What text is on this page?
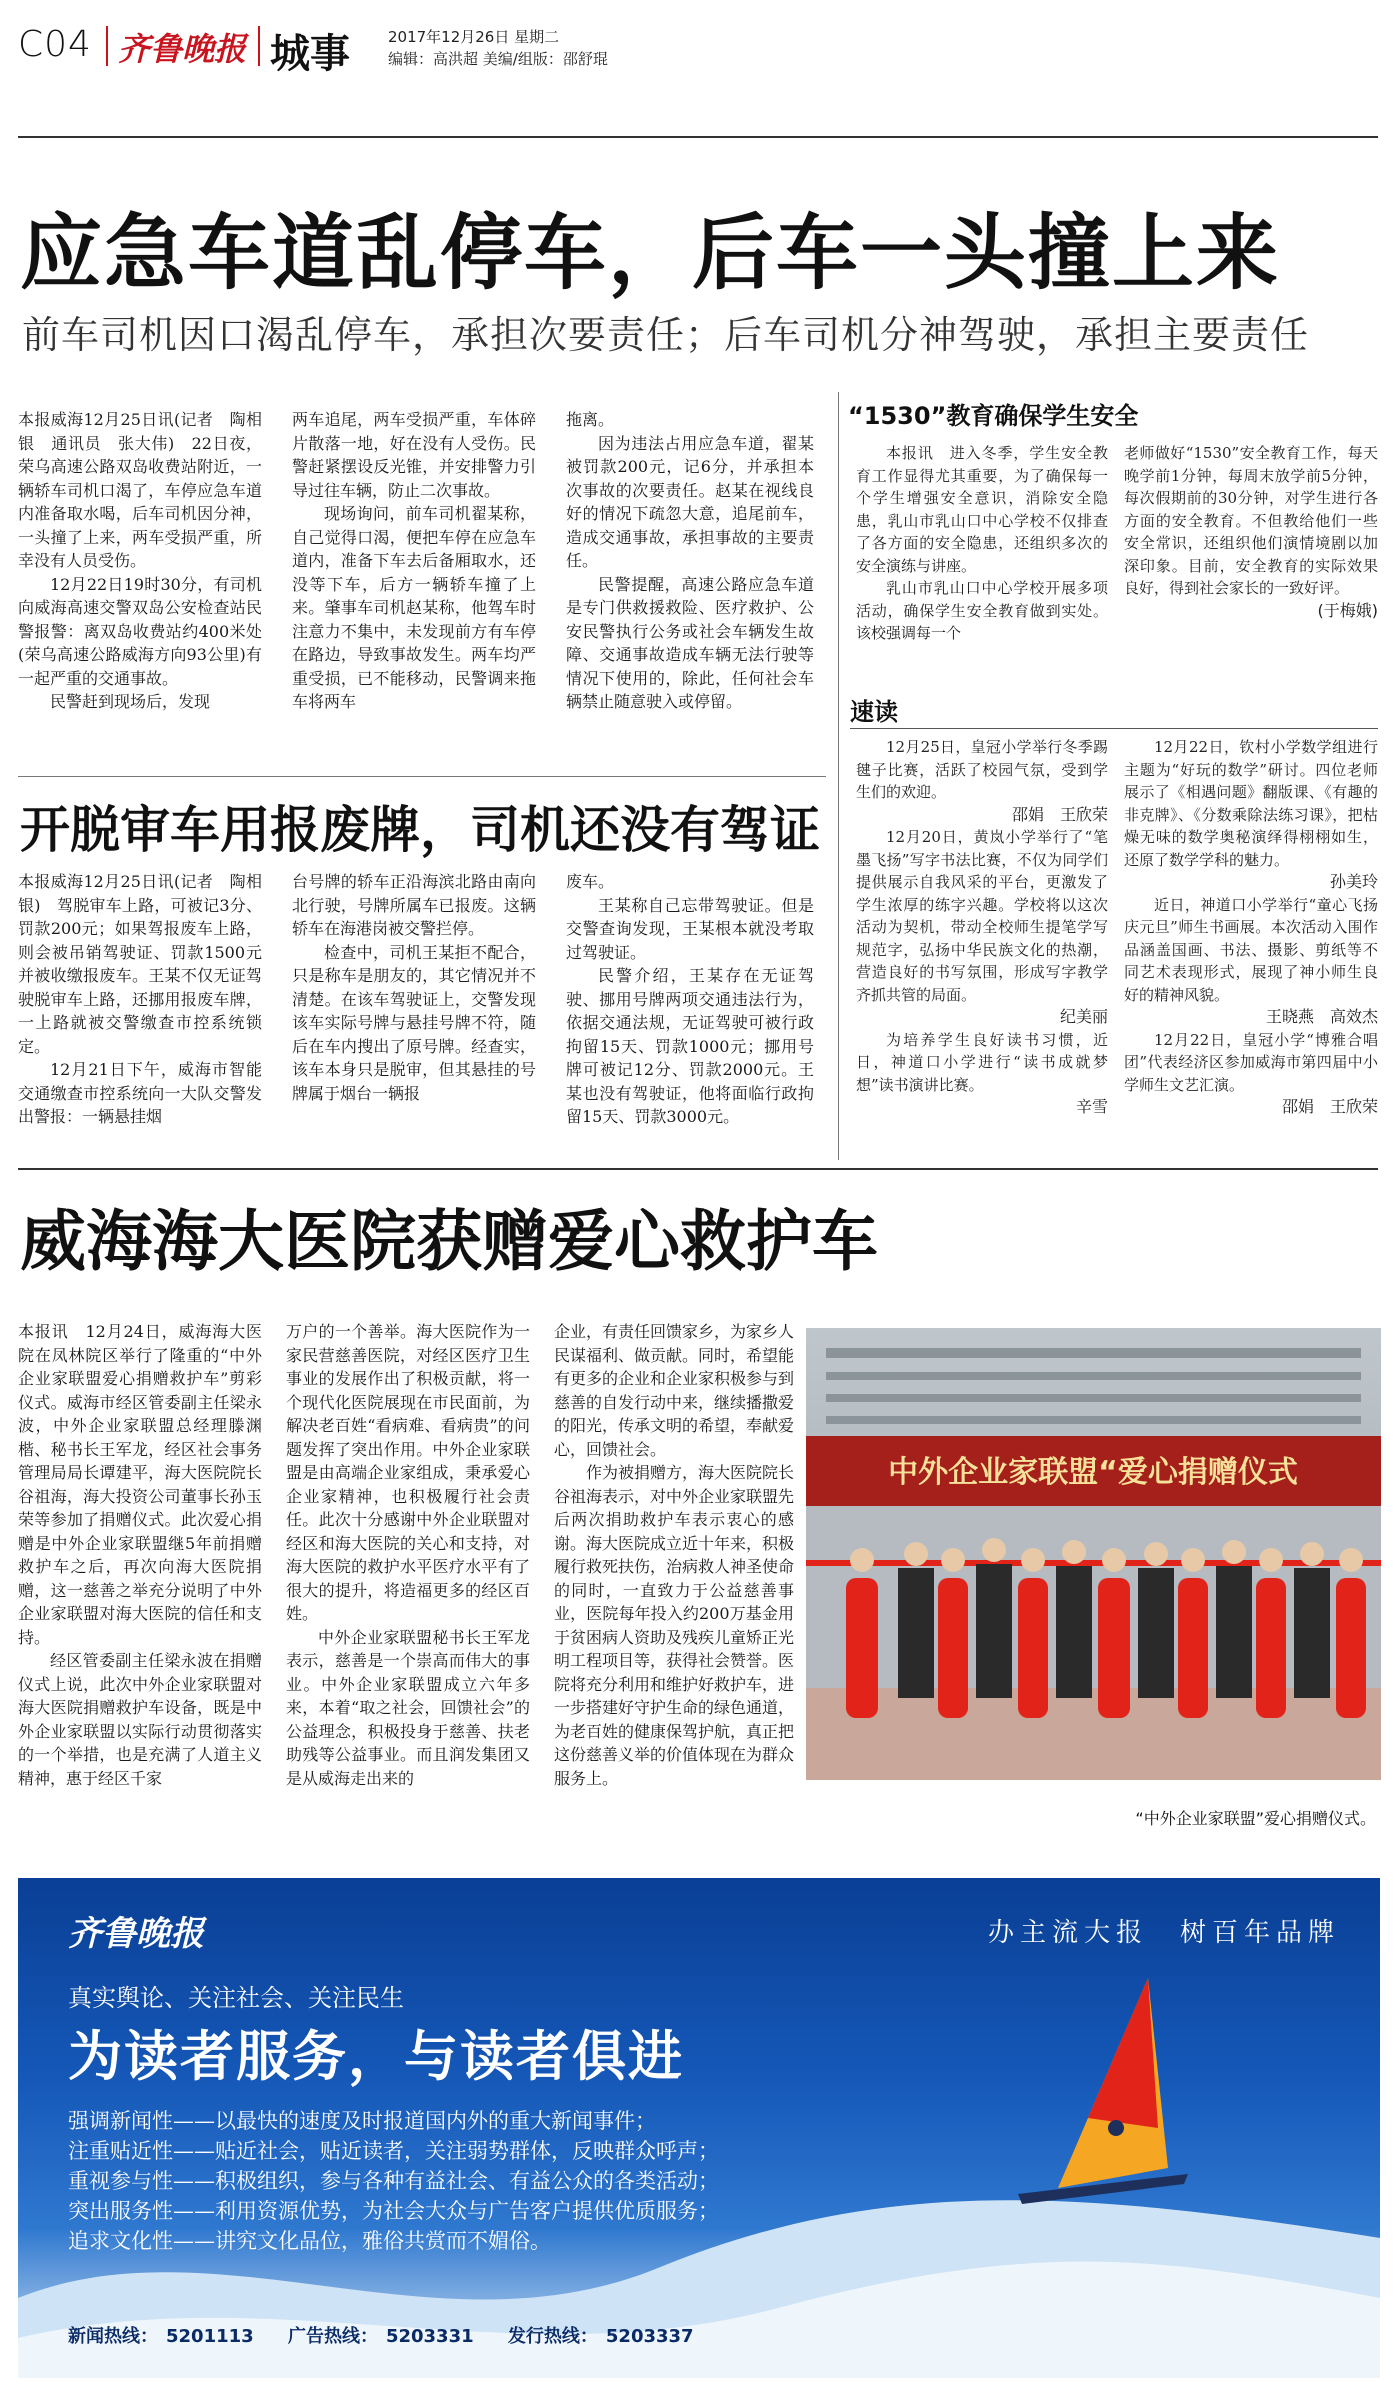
C04 齐鲁晚报 城事	2017年12月26日 星期二
编辑：高洪超 美编/组版：邵舒琨
应急车道乱停车，后车一头撞上来
前车司机因口渴乱停车，承担次要责任；后车司机分神驾驶，承担主要责任

本报威海12月25日讯(记者　陶相银　通讯员　张大伟)　22日夜，荣乌高速公路双岛收费站附近，一辆轿车司机口渴了，车停应急车道内准备取水喝，后车司机因分神，一头撞了上来，两车受损严重，所幸没有人员受伤。

12月22日19时30分，有司机向威海高速交警双岛公安检查站民警报警：离双岛收费站约400米处(荣乌高速公路威海方向93公里)有一起严重的交通事故。

民警赶到现场后，发现

两车追尾，两车受损严重，车体碎片散落一地，好在没有人受伤。民警赶紧摆设反光锥，并安排警力引导过往车辆，防止二次事故。

现场询问，前车司机翟某称，自己觉得口渴，便把车停在应急车道内，准备下车去后备厢取水，还没等下车，后方一辆轿车撞了上来。肇事车司机赵某称，他驾车时注意力不集中，未发现前方有车停在路边，导致事故发生。两车均严重受损，已不能移动，民警调来拖车将两车

拖离。

因为违法占用应急车道，翟某被罚款200元，记6分，并承担本次事故的次要责任。赵某在视线良好的情况下疏忽大意，追尾前车，造成交通事故，承担事故的主要责任。

民警提醒，高速公路应急车道是专门供救援救险、医疗救护、公安民警执行公务或社会车辆发生故障、交通事故造成车辆无法行驶等情况下使用的，除此，任何社会车辆禁止随意驶入或停留。

“1530”教育确保学生安全

本报讯　进入冬季，学生安全教育工作显得尤其重要，为了确保每一个学生增强安全意识，消除安全隐患，乳山市乳山口中心学校不仅排查了各方面的安全隐患，还组织多次的安全演练与讲座。

乳山市乳山口中心学校开展多项活动，确保学生安全教育做到实处。该校强调每一个

老师做好“1530”安全教育工作，每天晚学前1分钟，每周末放学前5分钟，每次假期前的30分钟，对学生进行各方面的安全教育。不但教给他们一些安全常识，还组织他们演情境剧以加深印象。目前，安全教育的实际效果良好，得到社会家长的一致好评。

(于梅娥)
速读

12月25日，皇冠小学举行冬季踢毽子比赛，活跃了校园气氛，受到学生们的欢迎。

邵娟　王欣荣

12月20日，黄岚小学举行了“笔墨飞扬”写字书法比赛，不仅为同学们提供展示自我风采的平台，更激发了学生浓厚的练字兴趣。学校将以这次活动为契机，带动全校师生提笔学写规范字，弘扬中华民族文化的热潮，营造良好的书写氛围，形成写字教学齐抓共管的局面。

纪美丽

为培养学生良好读书习惯，近日，神道口小学进行“读书成就梦想”读书演讲比赛。

辛雪

12月22日，钦村小学数学组进行主题为“好玩的数学”研讨。四位老师展示了《相遇问题》翻版课、《有趣的非克牌》、《分数乘除法练习课》，把枯燥无味的数学奥秘演绎得栩栩如生，还原了数学学科的魅力。

孙美玲

近日，神道口小学举行“童心飞扬庆元旦”师生书画展。本次活动入围作品涵盖国画、书法、摄影、剪纸等不同艺术表现形式，展现了神小师生良好的精神风貌。

王晓燕　高效杰

12月22日，皇冠小学“博雅合唱团”代表经济区参加威海市第四届中小学师生文艺汇演。

邵娟　王欣荣
开脱审车用报废牌，司机还没有驾证

本报威海12月25日讯(记者　陶相银)　驾脱审车上路，可被记3分、罚款200元；如果驾报废车上路，则会被吊销驾驶证、罚款1500元并被收缴报废车。王某不仅无证驾驶脱审车上路，还挪用报废车牌，一上路就被交警缴查市控系统锁定。

12月21日下午，威海市智能交通缴查市控系统向一大队交警发出警报：一辆悬挂烟

台号牌的轿车正沿海滨北路由南向北行驶，号牌所属车已报废。这辆轿车在海港岗被交警拦停。

检查中，司机王某拒不配合，只是称车是朋友的，其它情况并不清楚。在该车驾驶证上，交警发现该车实际号牌与悬挂号牌不符，随后在车内搜出了原号牌。经查实，该车本身只是脱审，但其悬挂的号牌属于烟台一辆报

废车。

王某称自己忘带驾驶证。但是交警查询发现，王某根本就没考取过驾驶证。

民警介绍，王某存在无证驾驶、挪用号牌两项交通违法行为，依据交通法规，无证驾驶可被行政拘留15天、罚款1000元；挪用号牌可被记12分、罚款2000元。王某也没有驾驶证，他将面临行政拘留15天、罚款3000元。

威海海大医院获赠爱心救护车

本报讯　12月24日，威海海大医院在凤林院区举行了隆重的“中外企业家联盟爱心捐赠救护车”剪彩仪式。威海市经区管委副主任梁永波，中外企业家联盟总经理滕渊楷、秘书长王军龙，经区社会事务管理局局长谭建平，海大医院院长谷祖海，海大投资公司董事长孙玉荣等参加了捐赠仪式。此次爱心捐赠是中外企业家联盟继5年前捐赠救护车之后，再次向海大医院捐赠，这一慈善之举充分说明了中外企业家联盟对海大医院的信任和支持。

经区管委副主任梁永波在捐赠仪式上说，此次中外企业家联盟对海大医院捐赠救护车设备，既是中外企业家联盟以实际行动贯彻落实的一个举措，也是充满了人道主义精神，惠于经区千家

万户的一个善举。海大医院作为一家民营慈善医院，对经区医疗卫生事业的发展作出了积极贡献，将一个现代化医院展现在市民面前，为解决老百姓“看病难、看病贵”的问题发挥了突出作用。中外企业家联盟是由高端企业家组成，秉承爱心企业家精神，也积极履行社会责任。此次十分感谢中外企业联盟对经区和海大医院的关心和支持，对海大医院的救护水平医疗水平有了很大的提升，将造福更多的经区百姓。

中外企业家联盟秘书长王军龙表示，慈善是一个崇高而伟大的事业。中外企业家联盟成立六年多来，本着“取之社会，回馈社会”的公益理念，积极投身于慈善、扶老助残等公益事业。而且润发集团又是从威海走出来的

企业，有责任回馈家乡，为家乡人民谋福利、做贡献。同时，希望能有更多的企业和企业家积极参与到慈善的自发行动中来，继续播撒爱的阳光，传承文明的希望，奉献爱心，回馈社会。

作为被捐赠方，海大医院院长谷祖海表示，对中外企业家联盟先后两次捐助救护车表示衷心的感谢。海大医院成立近十年来，积极履行救死扶伤，治病救人神圣使命的同时，一直致力于公益慈善事业，医院每年投入约200万基金用于贫困病人资助及残疾儿童矫正光明工程项目等，获得社会赞誉。医院将充分利用和维护好救护车，进一步搭建好守护生命的绿色通道，为老百姓的健康保驾护航，真正把这份慈善义举的价值体现在为群众服务上。

中外企业家联盟“爱心捐赠仪式
“中外企业家联盟”爱心捐赠仪式。
齐鲁晚报	办主流大报　树百年品牌
真实舆论、关注社会、关注民生
为读者服务，与读者俱进
强调新闻性——以最快的速度及时报道国内外的重大新闻事件；
注重贴近性——贴近社会，贴近读者，关注弱势群体，反映群众呼声；
重视参与性——积极组织，参与各种有益社会、有益公众的各类活动；
突出服务性——利用资源优势，为社会大众与广告客户提供优质服务；
追求文化性——讲究文化品位，雅俗共赏而不媚俗。
新闻热线： 5201113 广告热线： 5203331 发行热线： 5203337
